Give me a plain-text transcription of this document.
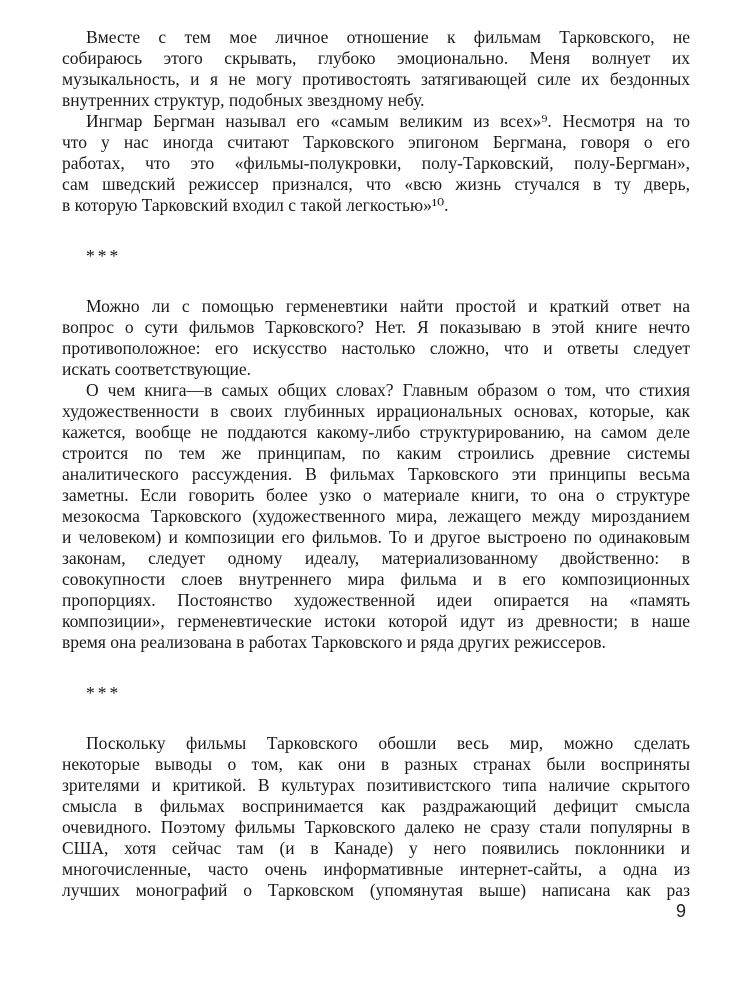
Вместе с тем мое личное отношение к фильмам Тарковского, не
собираюсь этого скрывать, глубоко эмоционально. Меня волнует их
музыкальность, и я не могу противостоять затягивающей силе их бездонных
внутренних структур, подобных звездному небу.
Ингмар Бергман называл его «самым великим из всех»⁹. Несмотря на то
что у нас иногда считают Тарковского эпигоном Бергмана, говоря о его
работах, что это «фильмы-полукровки, полу-Тарковский, полу-Бергман»,
сам шведский режиссер признался, что «всю жизнь стучался в ту дверь,
в которую Тарковский входил с такой легкостью»¹⁰.
***
Можно ли с помощью герменевтики найти простой и краткий ответ на
вопрос о сути фильмов Тарковского? Нет. Я показываю в этой книге нечто
противоположное: его искусство настолько сложно, что и ответы следует
искать соответствующие.
О чем книга—в самых общих словах? Главным образом о том, что стихия
художественности в своих глубинных иррациональных основах, которые, как
кажется, вообще не поддаются какому-либо структурированию, на самом деле
строится по тем же принципам, по каким строились древние системы
аналитического рассуждения. В фильмах Тарковского эти принципы весьма
заметны. Если говорить более узко о материале книги, то она о структуре
мезокосма Тарковского (художественного мира, лежащего между мирозданием
и человеком) и композиции его фильмов. То и другое выстроено по одинаковым
законам, следует одному идеалу, материализованному двойственно: в
совокупности слоев внутреннего мира фильма и в его композиционных
пропорциях. Постоянство художественной идеи опирается на «память
композиции», герменевтические истоки которой идут из древности; в наше
время она реализована в работах Тарковского и ряда других режиссеров.
***
Поскольку фильмы Тарковского обошли весь мир, можно сделать
некоторые выводы о том, как они в разных странах были восприняты
зрителями и критикой. В культурах позитивистского типа наличие скрытого
смысла в фильмах воспринимается как раздражающий дефицит смысла
очевидного. Поэтому фильмы Тарковского далеко не сразу стали популярны в
США, хотя сейчас там (и в Канаде) у него появились поклонники и
многочисленные, часто очень информативные интернет-сайты, а одна из
лучших монографий о Тарковском (упомянутая выше) написана как раз
9
